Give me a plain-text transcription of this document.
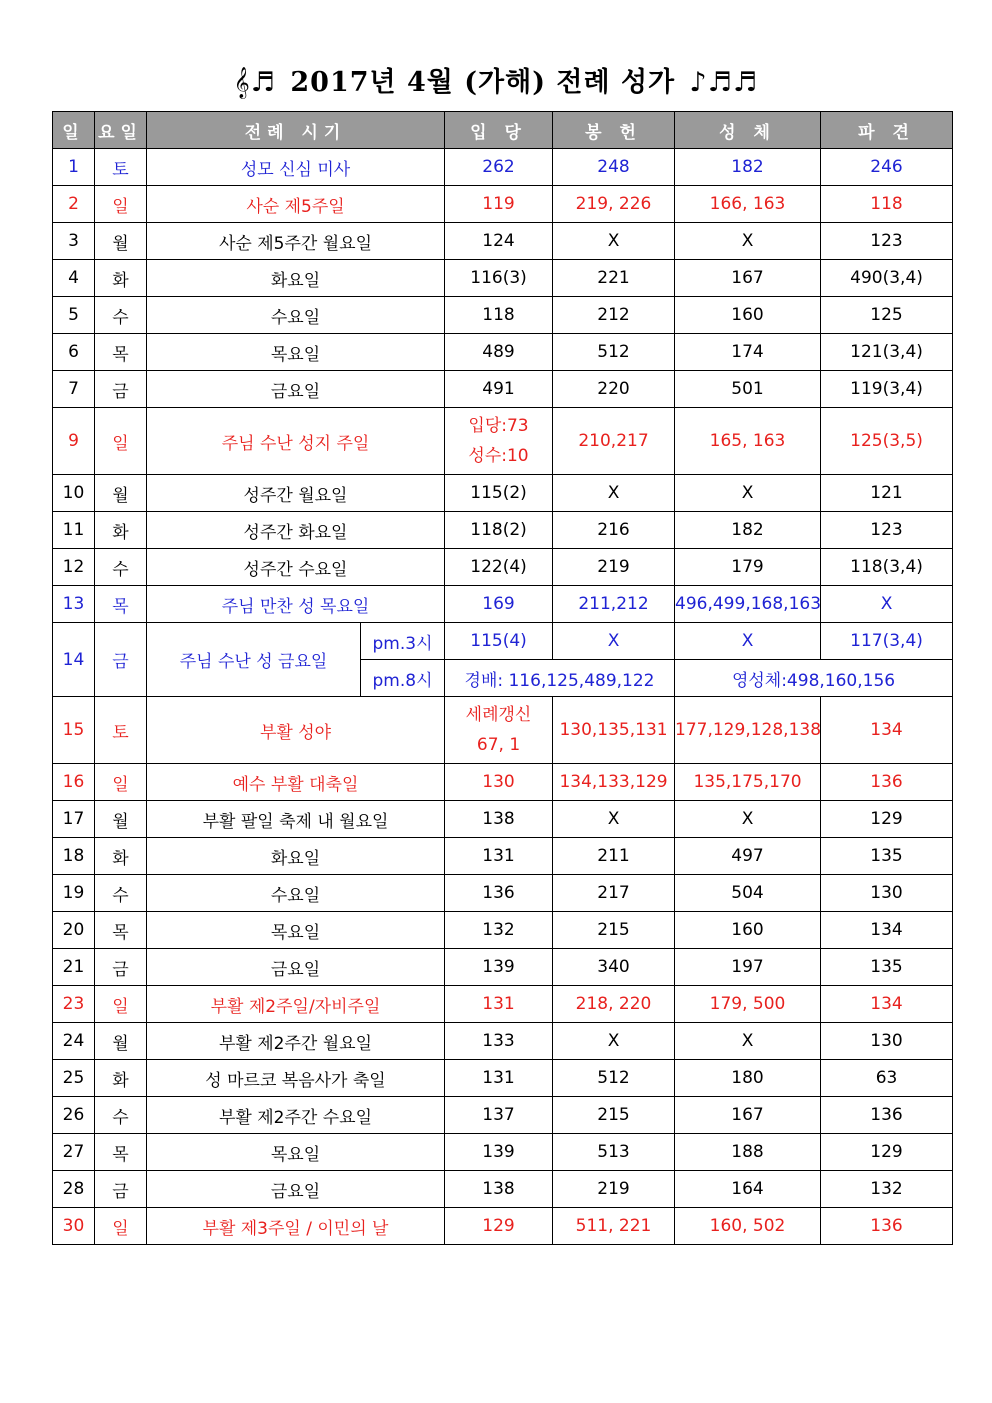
𝄞♬ 2017년 4월 (가해) 전례 성가 ♪♬♬
일	요일	전례 시기		입 당	봉 헌	성 체	파 견
1	토	성모 신심 미사		262	248	182	246
2	일	사순 제5주일		119	219, 226	166, 163	118
3	월	사순 제5주간 월요일		124	X	X	123
4	화	화요일		116(3)	221	167	490(3,4)
5	수	수요일		118	212	160	125
6	목	목요일		489	512	174	121(3,4)
7	금	금요일		491	220	501	119(3,4)
9	일	주님 수난 성지 주일		입당:73
성수:10	210,217	165, 163	125(3,5)
10	월	성주간 월요일		115(2)	X	X	121
11	화	성주간 화요일		118(2)	216	182	123
12	수	성주간 수요일		122(4)	219	179	118(3,4)
13	목	주님 만찬 성 목요일		169	211,212	496,499,168,163	X
14	금	주님 수난 성 금요일	pm.3시	115(4)	X	X	117(3,4)
			pm.8시	경배: 116,125,489,122		영성체:498,160,156	
15	토	부활 성야		세례갱신
67, 1	130,135,131	177,129,128,138	134
16	일	예수 부활 대축일		130	134,133,129	135,175,170	136
17	월	부활 팔일 축제 내 월요일		138	X	X	129
18	화	화요일		131	211	497	135
19	수	수요일		136	217	504	130
20	목	목요일		132	215	160	134
21	금	금요일		139	340	197	135
23	일	부활 제2주일/자비주일		131	218, 220	179, 500	134
24	월	부활 제2주간 월요일		133	X	X	130
25	화	성 마르코 복음사가 축일		131	512	180	63
26	수	부활 제2주간 수요일		137	215	167	136
27	목	목요일		139	513	188	129
28	금	금요일		138	219	164	132
30	일	부활 제3주일 / 이민의 날		129	511, 221	160, 502	136
